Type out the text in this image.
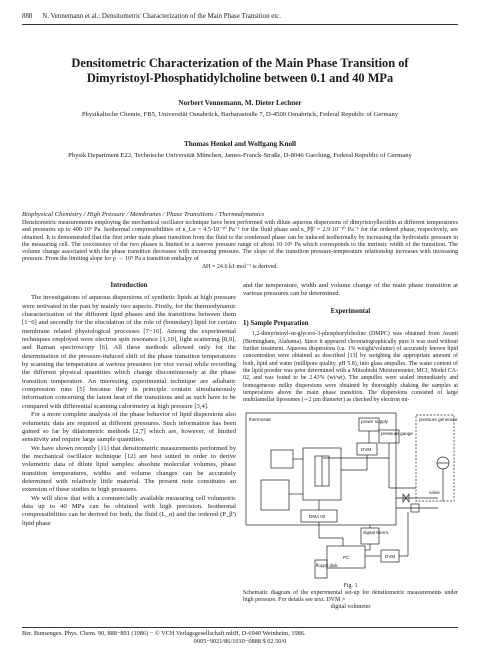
888 N. Vennemann et al.: Densitometric Characterization of the Main Phase Transition etc.
Densitometric Characterization of the Main Phase Transition of
Dimyristoyl-Phosphatidylcholine between 0.1 and 40 MPa
Norbert Vennemann, M. Dieter Lechner
Physikalische Chemie, FB5, Universität Osnabrück, Barbarastraße 7, D-4500 Osnabrück, Federal Republic of Germany
Thomas Henkel and Wolfgang Knoll
Physik Department E22, Technische Universität München, James-Franck-Straße, D-8046 Garching, Federal Republic of Germany
Biophysical Chemistry / High Pressure / Membranes / Phase Transitions / Thermodynamics
Densitometric measurements employing the mechanical oscillator technique have been performed with dilute aqueous dispersions of dimyristoyllecithin at different temperatures and pressures up to 400·10⁵ Pa. Isothermal compressibilities of κ_Lα = 4.5·10⁻¹⁰ Pa⁻¹ for the fluid phase and κ_Pβ' = 2.9·10⁻¹⁰ Pa⁻¹ for the ordered phase, respectively, are obtained. It is demonstrated that the first order main phase transition from the fluid to the condensed phase can be induced isothermally by increasing the hydrostatic pressure in the measuring cell. The coexistence of the two phases is limited to a narrow pressure range of about 10·10⁵ Pa which corresponds to the intrinsic width of the transition. The volume change associated with the phase transition decreases with increasing pressure. The slope of the transition pressure-temperature relationship increases with increasing pressure. From the limiting slope for p → 10⁵ Pa a transition enthalpy of
ΔH = 24.6 kJ·mol⁻¹ is derived.
Introduction

The investigations of aqueous dispersions of synthetic lipids at high pressure were notivated in the past by mainly two aspects. Firstly, for the thermodynamic characterization of the different lipid phases and the transitions between them [1−6] and secondly for the elucidation of the role of (boundary) lipid for certain membrane related physiological processes [7−10]. Among the experimental techniques employed were electron spin resonance [1,10], light scattering [8,9], and Raman spectroscopy [6]. All these methods allowed only for the determination of the pressure-induced shift of the phase transition temperatures by scanning the temperature at various pressures (or vice versa) while recording the different physical quantities which change discontinuously at the phase transition temperature. An interesting experimental technique are adiabatic compression runs [5] because they in principle contain simultaneously information concerning the latent heat of the transitions and as such have to be compared with differential scanning calorimetry at high pressure [3,4].

For a more complete analysis of the phase behavior of lipid dispersions also volumetric data are required at different pressures. Such information has been gained so far by dilatometric methods [2,7] which are, however, of limited sensitivity and require large sample quantities.

We have shown recently [11] that densitometric measurements performed by the mechanical oscillator technique [12] are best suited in order to derive volumetric data of dilute lipid samples: absolute molecular volumes, phase transition temperatures, widths and volume changes can be accurately determined with relatively little material. The present note constitutes an extension of these studies to high pressures.

We will show that with a commercially available measuring cell volumetric data up to 40 MPa can be obtained with high precision. Isothermal compressibilities can be derived for both, the fluid (L_α) and the ordered (P_β') lipid phase

and the temperature, width and volume change of the main phase transition at various pressures can be determined.

Experimental
1) Sample Preparation

1,2-dimyristoyl-sn-glycero-3-phosphorylcholine (DMPC) was obtained from Avanti (Birmingham, Alabama). Since it appeared chromatographically pure it was used without further treatment. Aqueous dispersions (ca. 1% weight/volume) of accurately known lipid concentration were obtained as described [13] by weighing the appropriate amount of both, lipid and water (millipore quality, pH 5.8), into glass ampulles. The water content of the lipid powder was prior determined with a Mitsubishi Moisturemeter, MCI, Model CA-02, and was found to be 2.43% (wt/wt). The ampulles were sealed immediately and homogeneous milky dispersions were obtained by thoroughly shaking the samples at temperatures above the main phase transition. The dispersions consisted of large multilamellar liposomes (∼2 µm diameter) as checked by electron mi-

thermostat	pressure generator
power supply
pressure gauge
DVM
DMA 02
valve
digital therm.
DVM
PC
floppy disk
Fig. 1
Schematic diagram of the experimental set-up for densitometric measurements under high pressure. For details see text. DVM =
digital voltmeter
Ber. Bunsenges. Phys. Chem. 90, 888−891 (1986) − © VCH Verlagsgesellschaft mbH, D-6940 Weinheim, 1986.
0005−9021/86/1010−0888 $ 02.50/0
